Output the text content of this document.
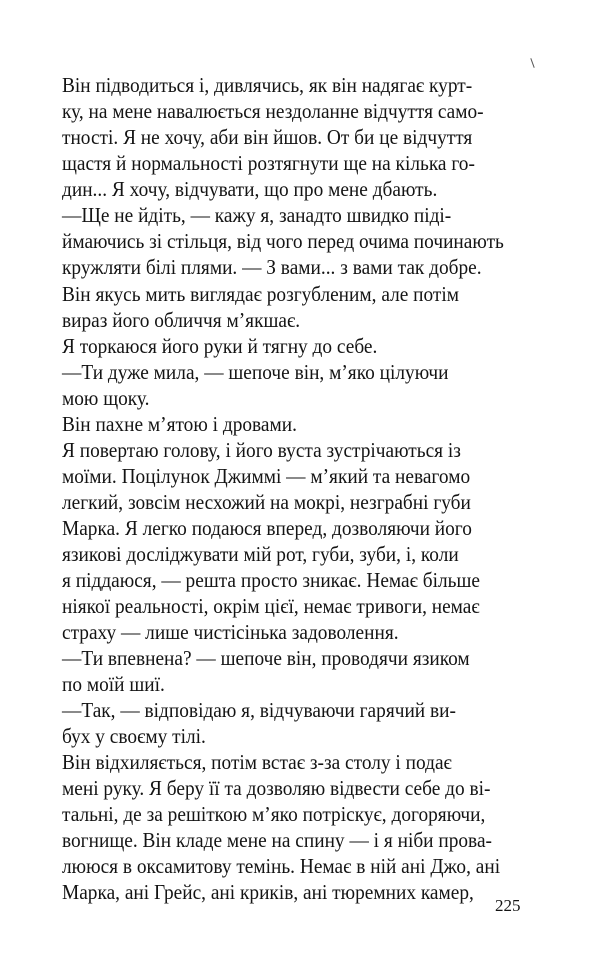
Він підводиться і, дивлячись, як він надягає курт-
ку, на мене навалюється нездоланне відчуття само-
тності. Я не хочу, аби він йшов. От би це відчуття
щастя й нормальності розтягнути ще на кілька го-
дин... Я хочу, відчувати, що про мене дбають.
—Ще не йдіть, — кажу я, занадто швидко піді-
ймаючись зі стільця, від чого перед очима починають
кружляти білі плями. — З вами... з вами так добре.
Він якусь мить виглядає розгубленим, але потім
вираз його обличчя м’якшає.
Я торкаюся його руки й тягну до себе.
—Ти дуже мила, — шепоче він, м’яко цілуючи
мою щоку.
Він пахне м’ятою і дровами.
Я повертаю голову, і його вуста зустрічаються із
моїми. Поцілунок Джиммі — м’який та невагомо
легкий, зовсім несхожий на мокрі, незграбні губи
Марка. Я легко подаюся вперед, дозволяючи його
язикові досліджувати мій рот, губи, зуби, і, коли
я піддаюся, — решта просто зникає. Немає більше
ніякої реальності, окрім цієї, немає тривоги, немає
страху — лише чистісінька задоволення.
—Ти впевнена? — шепоче він, проводячи язиком
по моїй шиї.
—Так, — відповідаю я, відчуваючи гарячий ви-
бух у своєму тілі.
Він відхиляється, потім встає з-за столу і подає
мені руку. Я беру її та дозволяю відвести себе до ві-
тальні, де за решіткою м’яко потріскує, догоряючи,
вогнище. Він кладе мене на спину — і я ніби прова-
лююся в оксамитову темінь. Немає в ній ані Джо, ані
Марка, ані Грейс, ані криків, ані тюремних камер,
225
